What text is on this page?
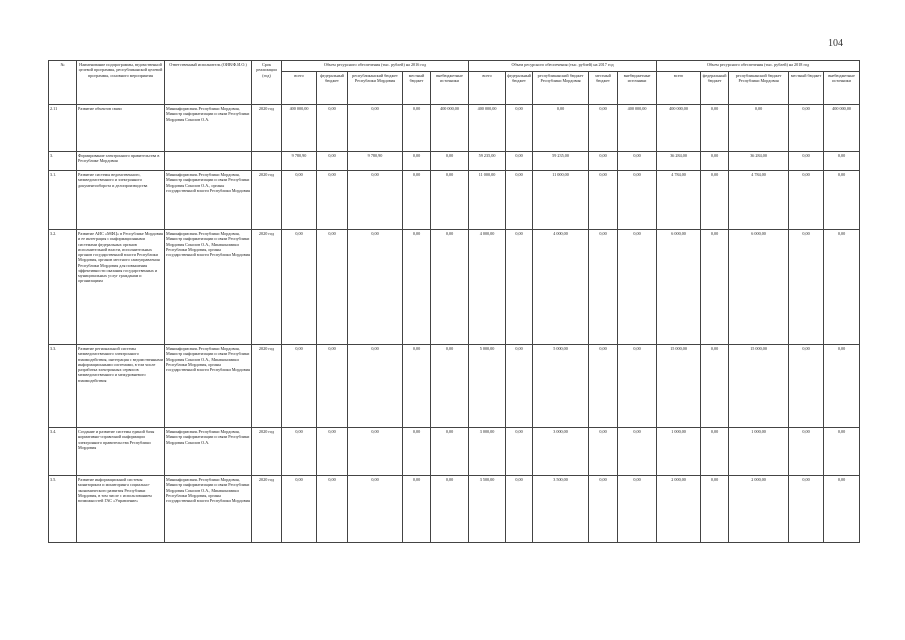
104
№	Наименование подпрограммы, ведомственной целевой программы, республиканской целевой программы, основного мероприятия	Ответственный исполнитель (ОИВ/Ф.И.О.)	Срок реализации (год)	Объем ресурсного обеспечения (тыс. рублей) на 2016 год					Объем ресурсного обеспечения (тыс. рублей) на 2017 год					Объем ресурсного обеспечения (тыс. рублей) на 2018 год				
				всего	федеральный бюджет	республиканский бюджет Республики Мордовия	местный бюджет	внебюджетные источники	всего	федеральный бюджет	республиканский бюджет Республики Мордовия	местный бюджет	внебюджетные источники	всего	федеральный бюджет	республиканский бюджет Республики Мордовия	местный бюджет	внебюджетные источники
2.11	Развитие объектов связи	Мининформсвязь Республики Мордовия, Министр информатизации и связи Республики Мордовия Соколов О.А.	2020 год	400 000,00	0,00	0,00	0,00	400 000,00	400 000,00	0,00	0,00	0,00	400 000,00	400 000,00	0,00	0,00	0,00	400 000,00
3.	Формирование электронного правительства в Республике Мордовия			9 780,90	0,00	9 780,90	0,00	0,00	59 235,00	0,00	59 235,00	0,00	0,00	36 284,00	0,00	36 284,00	0,00	0,00
3.1.	Развитие системы ведомственного, межведомственного и электронного документооборота и делопроизводства	Мининформсвязь Республики Мордовия, Министр информатизации и связи Республики Мордовия Соколов О.А., органы государственной власти Республики Мордовия	2020 год	0,00	0,00	0,00	0,00	0,00	11 000,00	0,00	11 000,00	0,00	0,00	4 784,00	0,00	4 784,00	0,00	0,00
3.2.	Развитие АИС «МФЦ» в Республике Мордовия и ее интеграция с информационными системами федеральных органов исполнительной власти, исполнительных органов государственной власти Республики Мордовия, органов местного самоуправления Республики Мордовия для повышения эффективности оказания государственных и муниципальных услуг гражданам и организациям	Мининформсвязь Республики Мордовия, Министр информатизации и связи Республики Мордовия Соколов О.А., Минэкономики Республики Мордовия, органы государственной власти Республики Мордовия	2020 год	0,00	0,00	0,00	0,00	0,00	4 000,00	0,00	4 000,00	0,00	0,00	6 000,00	0,00	6 000,00	0,00	0,00
3.3.	Развитие региональной системы межведомственного электронного взаимодействия, интеграция с ведомственными информационными системами, в том числе разработка электронных сервисов межведомственного и межуровневого взаимодействия	Мининформсвязь Республики Мордовия, Министр информатизации и связи Республики Мордовия Соколов О.А., Минэкономики Республики Мордовия, органы государственной власти Республики Мордовия	2020 год	0,00	0,00	0,00	0,00	0,00	5 000,00	0,00	5 000,00	0,00	0,00	15 000,00	0,00	15 000,00	0,00	0,00
3.4.	Создание и развитие системы единой базы нормативно-справочной информации электронного правительства Республики Мордовия	Мининформсвязь Республики Мордовия, Министр информатизации и связи Республики Мордовия Соколов О.А.	2020 год	0,00	0,00	0,00	0,00	0,00	3 000,00	0,00	3 000,00	0,00	0,00	1 000,00	0,00	1 000,00	0,00	0,00
3.5.	Развитие информационной системы мониторинга и мониторинга социально-экономического развития Республики Мордовия, в том числе с использованием возможностей ГАС «Управление»	Мининформсвязь Республики Мордовия, Министр информатизации и связи Республики Мордовия Соколов О.А., Минэкономики Республики Мордовия, органы государственной власти Республики Мордовия	2020 год	0,00	0,00	0,00	0,00	0,00	3 500,00	0,00	3 500,00	0,00	0,00	2 000,00	0,00	2 000,00	0,00	0,00
